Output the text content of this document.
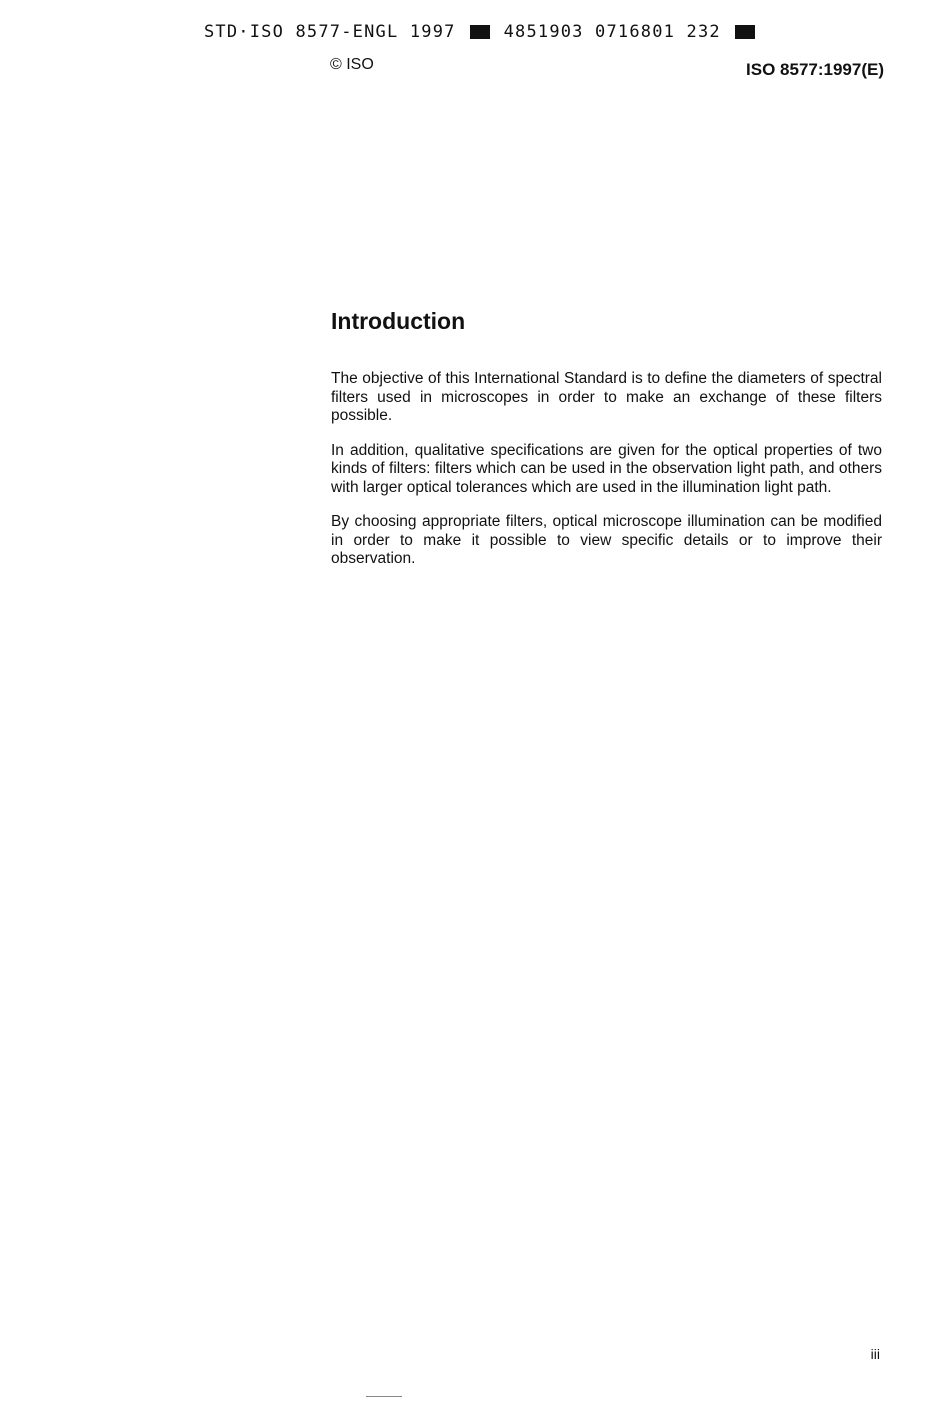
STD·ISO 8577-ENGL 1997	4851903 0716801 232
© ISO	ISO 8577:1997(E)
Introduction

The objective of this International Standard is to define the diameters of spectral filters used in microscopes in order to make an exchange of these filters possible.

In addition, qualitative specifications are given for the optical properties of two kinds of filters: filters which can be used in the observation light path, and others with larger optical tolerances which are used in the illumination light path.

By choosing appropriate filters, optical microscope illumination can be modified in order to make it possible to view specific details or to improve their observation.

iii
